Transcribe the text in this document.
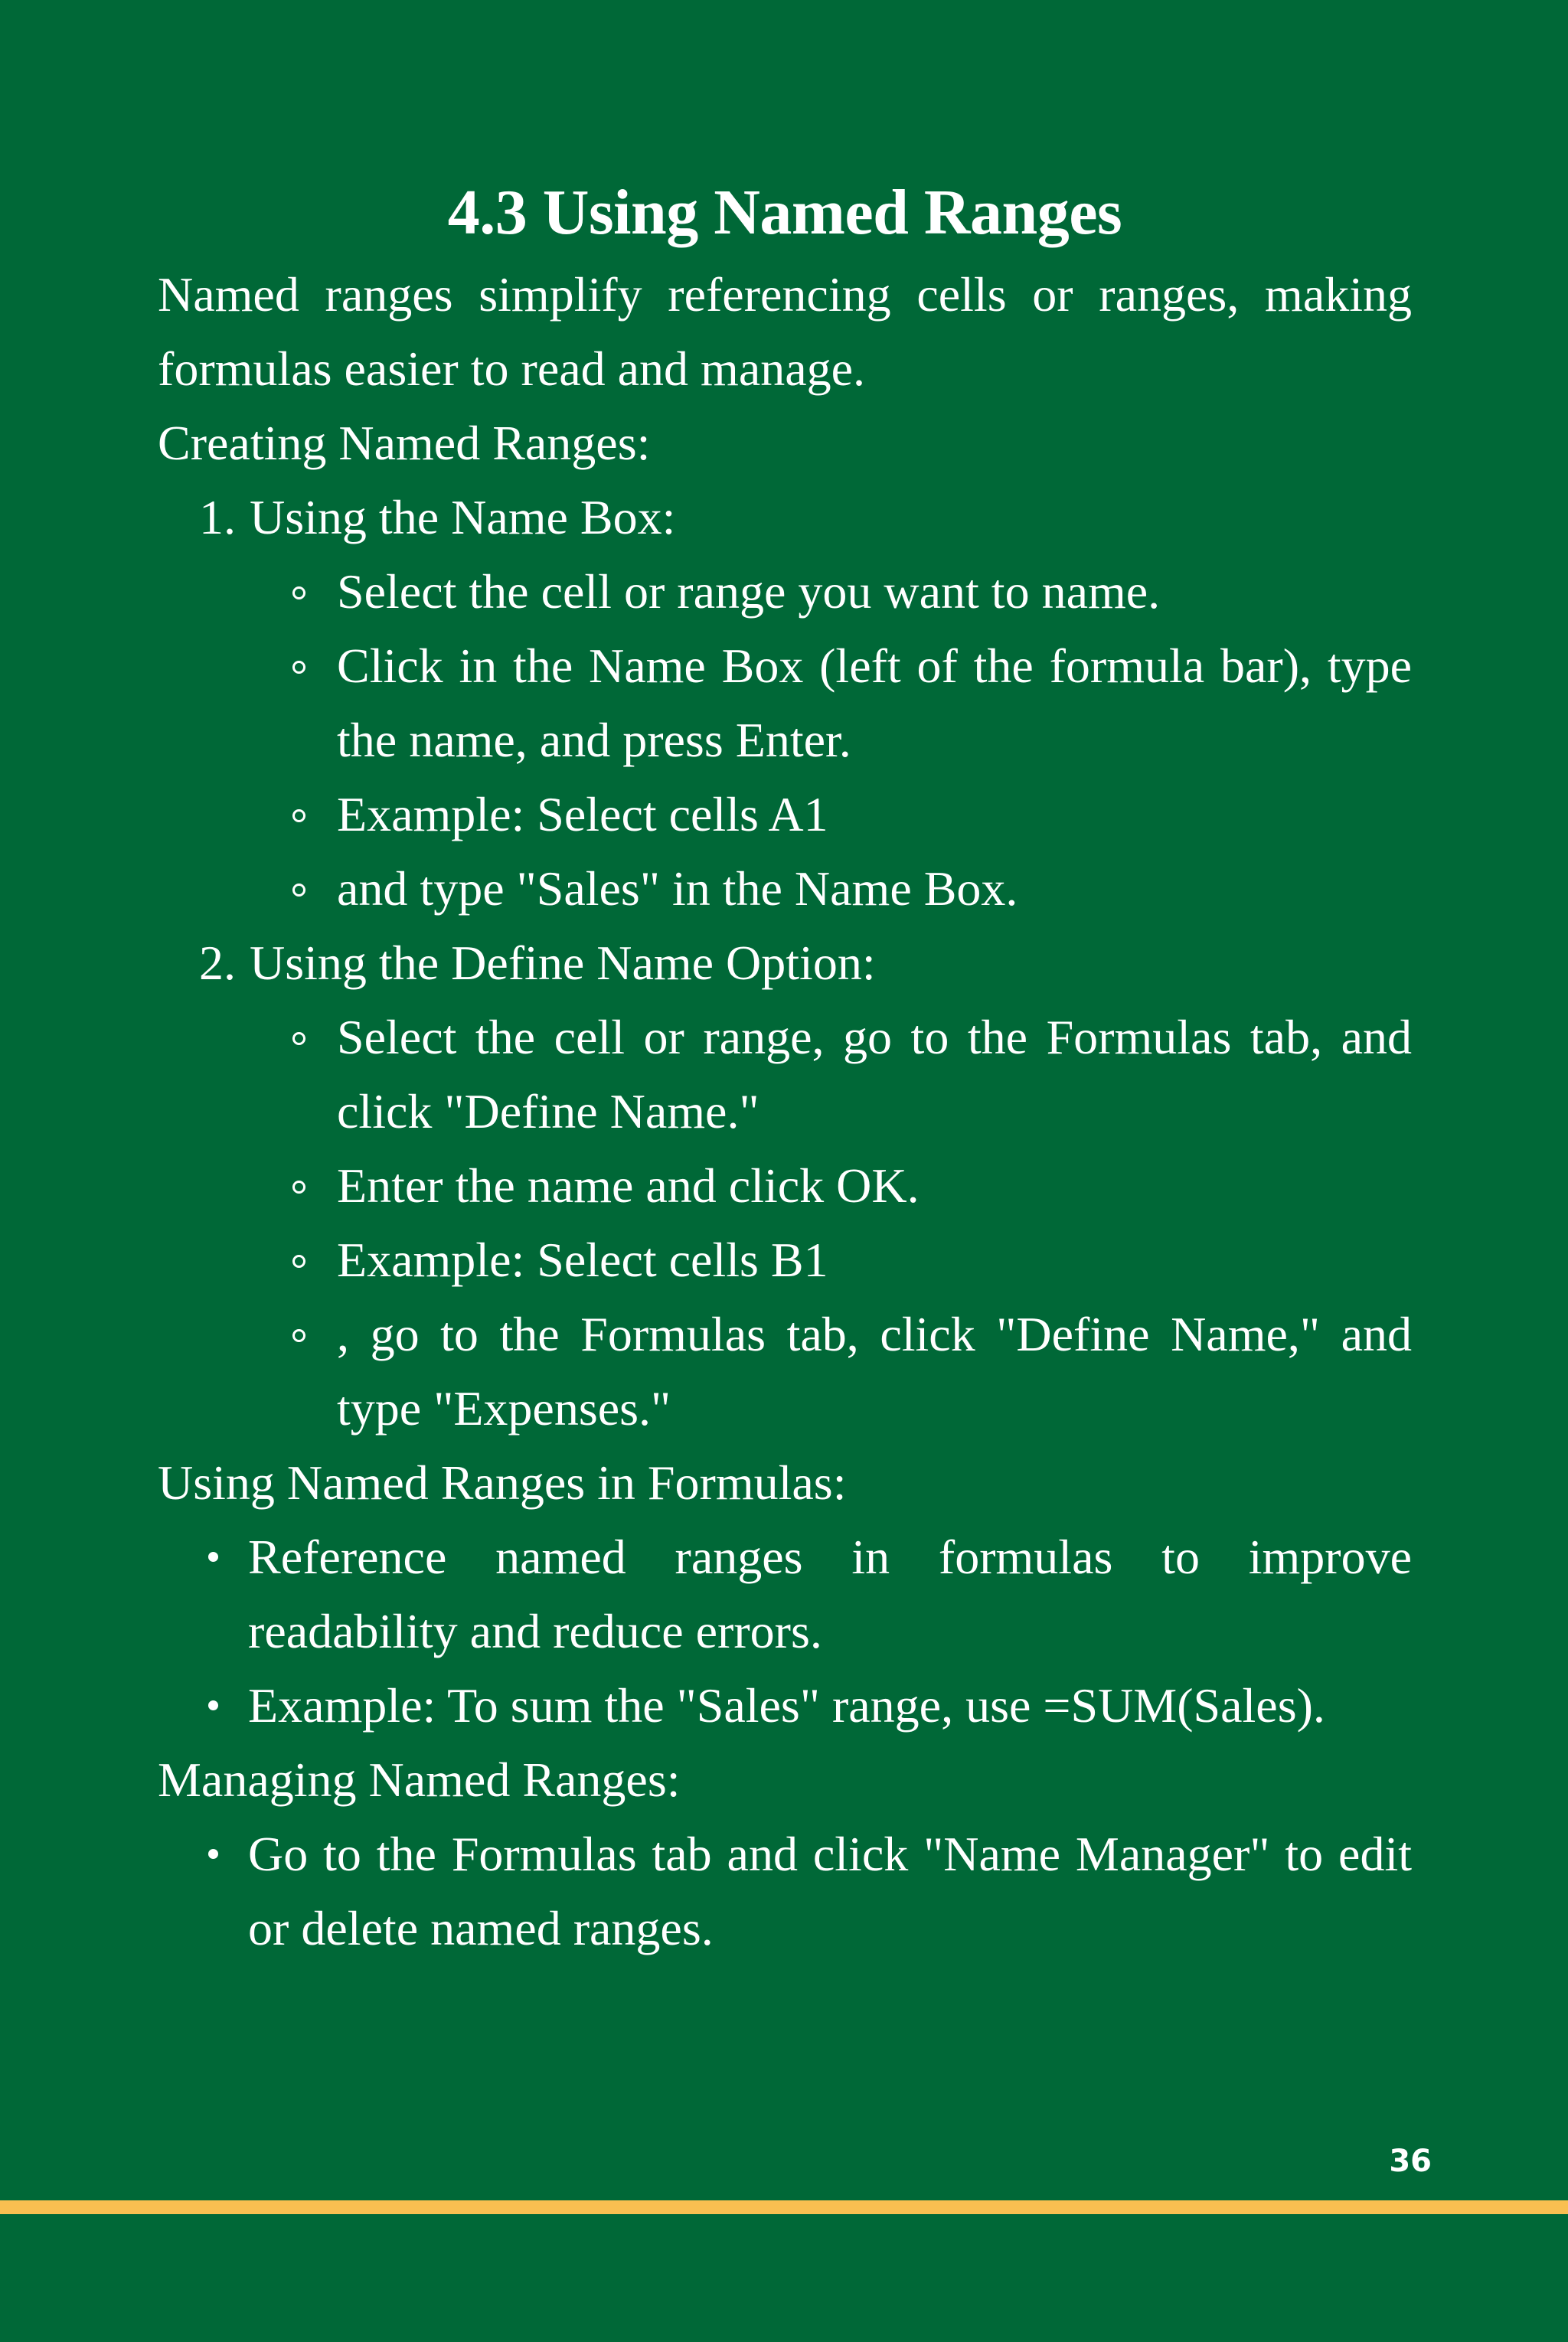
4.3 Using Named Ranges

Named ranges simplify referencing cells or ranges, making formulas easier to read and manage.

Creating Named Ranges:

1. Using the Name Box:
Select the cell or range you want to name.
Click in the Name Box (left of the formula bar), type the name, and press Enter.
Example: Select cells A1
and type "Sales" in the Name Box.
2. Using the Define Name Option:
Select the cell or range, go to the Formulas tab, and click "Define Name."
Enter the name and click OK.
Example: Select cells B1
, go to the Formulas tab, click "Define Name," and type "Expenses."

Using Named Ranges in Formulas:

Reference named ranges in formulas to improve readability and reduce errors.
Example: To sum the "Sales" range, use =SUM(Sales).

Managing Named Ranges:

Go to the Formulas tab and click "Name Manager" to edit or delete named ranges.
36
